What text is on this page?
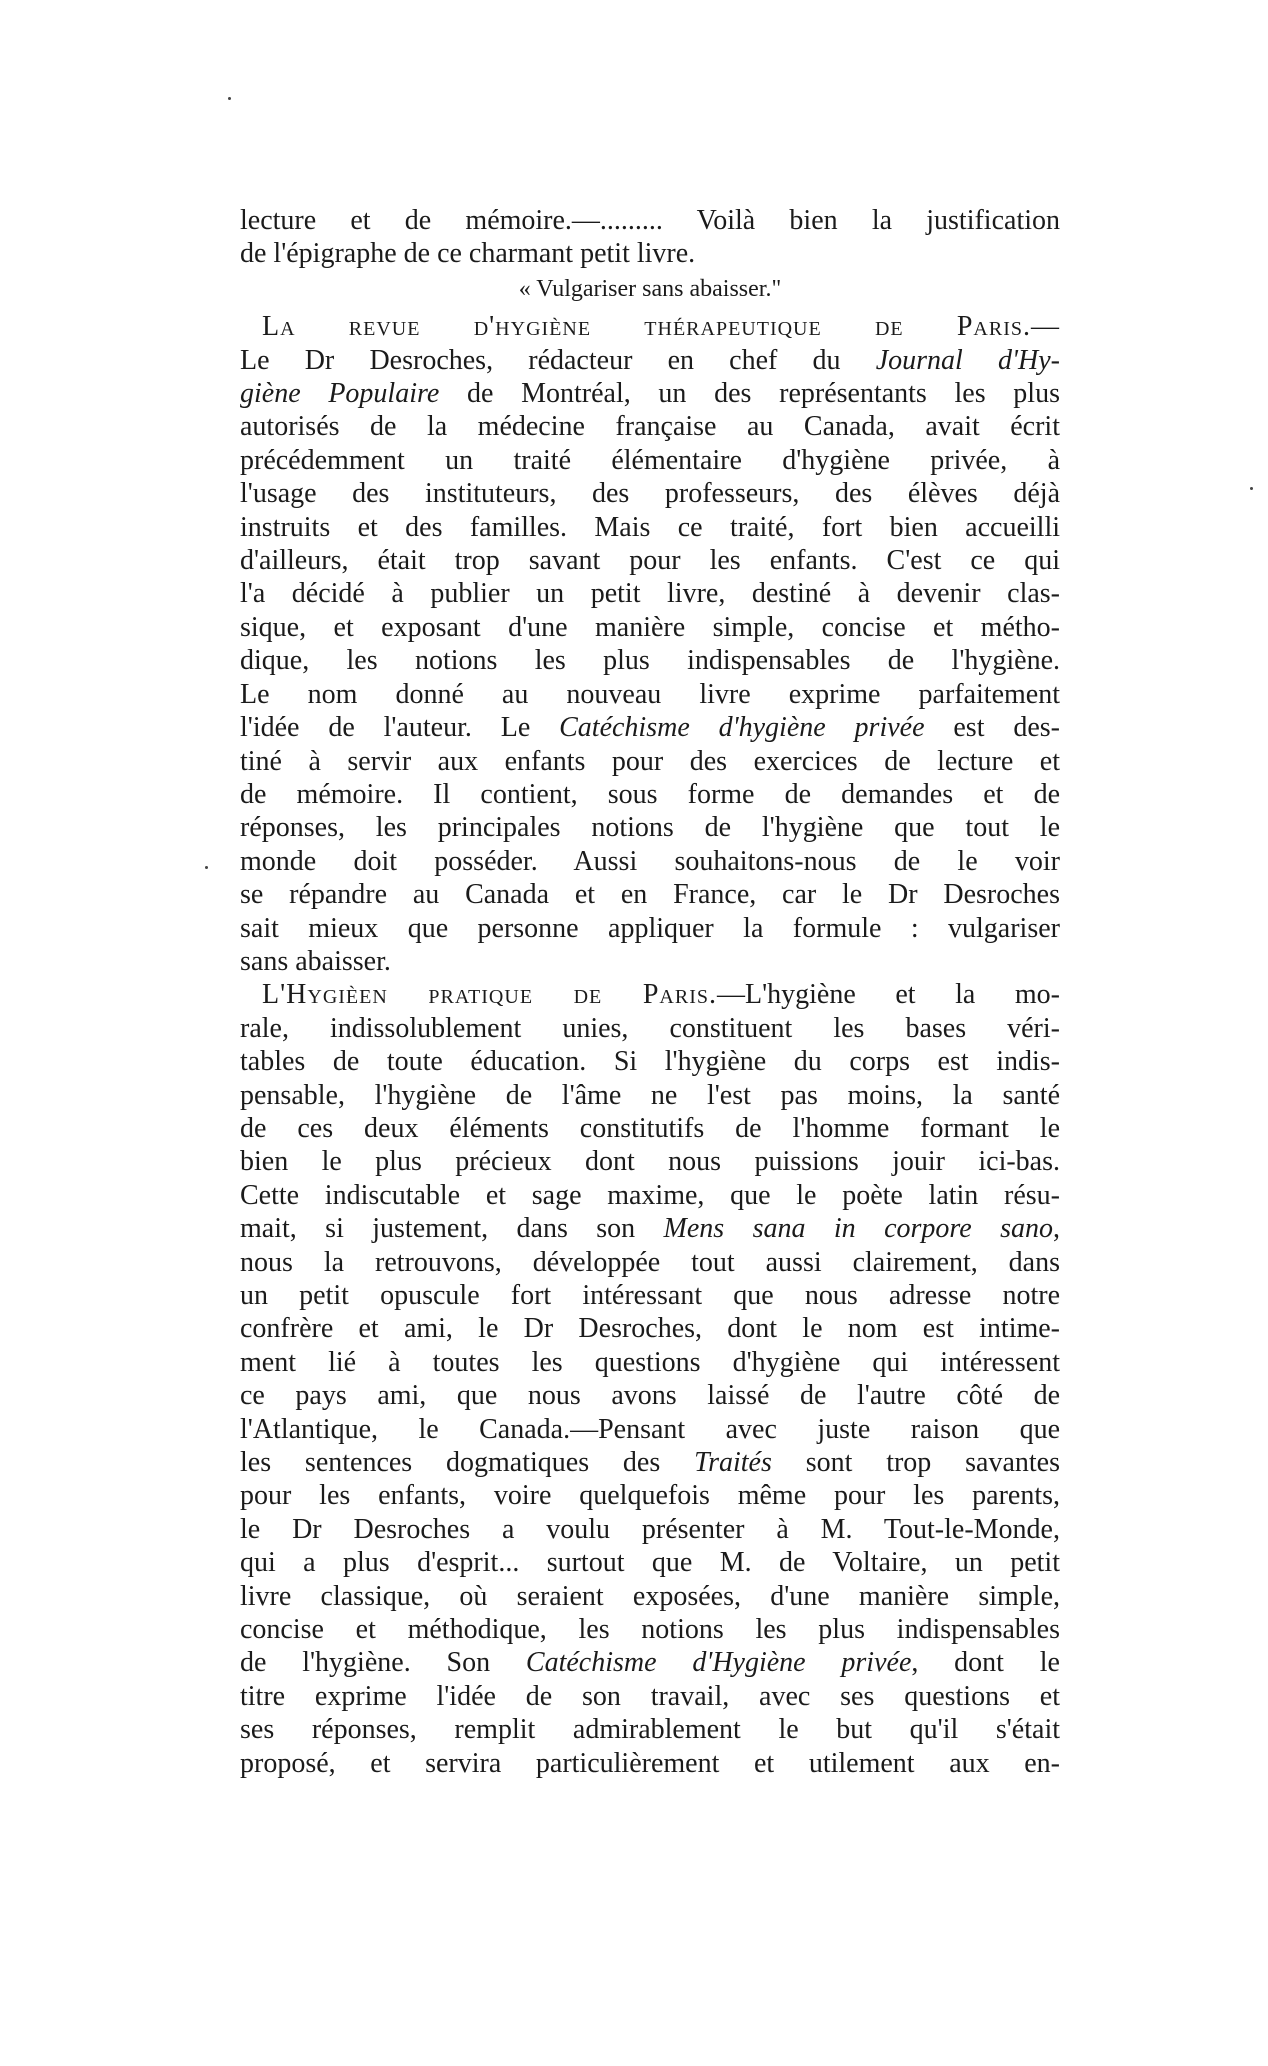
lecture et de mémoire.—......... Voilà bien la justification
de l'épigraphe de ce charmant petit livre.
« Vulgariser sans abaisser."
La revue d'hygiène thérapeutique de Paris.—
Le Dr Desroches, rédacteur en chef du Journal d'Hy-
giène Populaire de Montréal, un des représentants les plus
autorisés de la médecine française au Canada, avait écrit
précédemment un traité élémentaire d'hygiène privée, à
l'usage des instituteurs, des professeurs, des élèves déjà
instruits et des familles. Mais ce traité, fort bien accueilli
d'ailleurs, était trop savant pour les enfants. C'est ce qui
l'a décidé à publier un petit livre, destiné à devenir clas-
sique, et exposant d'une manière simple, concise et métho-
dique, les notions les plus indispensables de l'hygiène.
Le nom donné au nouveau livre exprime parfaitement
l'idée de l'auteur. Le Catéchisme d'hygiène privée est des-
tiné à servir aux enfants pour des exercices de lecture et
de mémoire. Il contient, sous forme de demandes et de
réponses, les principales notions de l'hygiène que tout le
monde doit posséder. Aussi souhaitons-nous de le voir
se répandre au Canada et en France, car le Dr Desroches
sait mieux que personne appliquer la formule : vulgariser
sans abaisser.
L'Hygièen pratique de Paris.—L'hygiène et la mo-
rale, indissolublement unies, constituent les bases véri-
tables de toute éducation. Si l'hygiène du corps est indis-
pensable, l'hygiène de l'âme ne l'est pas moins, la santé
de ces deux éléments constitutifs de l'homme formant le
bien le plus précieux dont nous puissions jouir ici-bas.
Cette indiscutable et sage maxime, que le poète latin résu-
mait, si justement, dans son Mens sana in corpore sano,
nous la retrouvons, développée tout aussi clairement, dans
un petit opuscule fort intéressant que nous adresse notre
confrère et ami, le Dr Desroches, dont le nom est intime-
ment lié à toutes les questions d'hygiène qui intéressent
ce pays ami, que nous avons laissé de l'autre côté de
l'Atlantique, le Canada.—Pensant avec juste raison que
les sentences dogmatiques des Traités sont trop savantes
pour les enfants, voire quelquefois même pour les parents,
le Dr Desroches a voulu présenter à M. Tout-le-Monde,
qui a plus d'esprit... surtout que M. de Voltaire, un petit
livre classique, où seraient exposées, d'une manière simple,
concise et méthodique, les notions les plus indispensables
de l'hygiène. Son Catéchisme d'Hygiène privée, dont le
titre exprime l'idée de son travail, avec ses questions et
ses réponses, remplit admirablement le but qu'il s'était
proposé, et servira particulièrement et utilement aux en-
